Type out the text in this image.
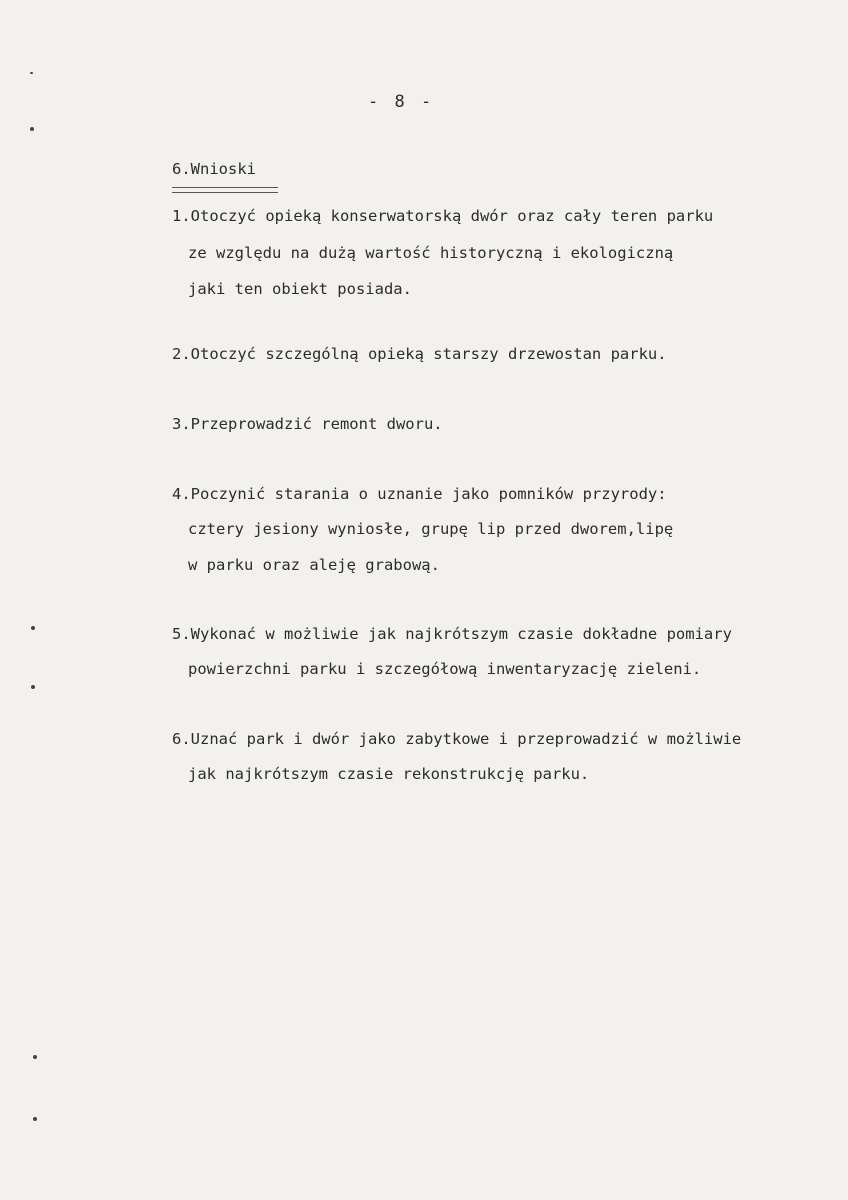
- 8 -
6.Wnioski
1.Otoczyć opieką konserwatorską dwór oraz cały teren parku
ze względu na dużą wartość historyczną i ekologiczną
jaki ten obiekt posiada.
2.Otoczyć szczególną opieką starszy drzewostan parku.
3.Przeprowadzić remont dworu.
4.Poczynić starania o uznanie jako pomników przyrody:
cztery jesiony wyniosłe, grupę lip przed dworem,lipę
w parku oraz aleję grabową.
5.Wykonać w możliwie jak najkrótszym czasie dokładne pomiary
powierzchni parku i szczegółową inwentaryzację zieleni.
6.Uznać park i dwór jako zabytkowe i przeprowadzić w możliwie
jak najkrótszym czasie rekonstrukcję parku.
